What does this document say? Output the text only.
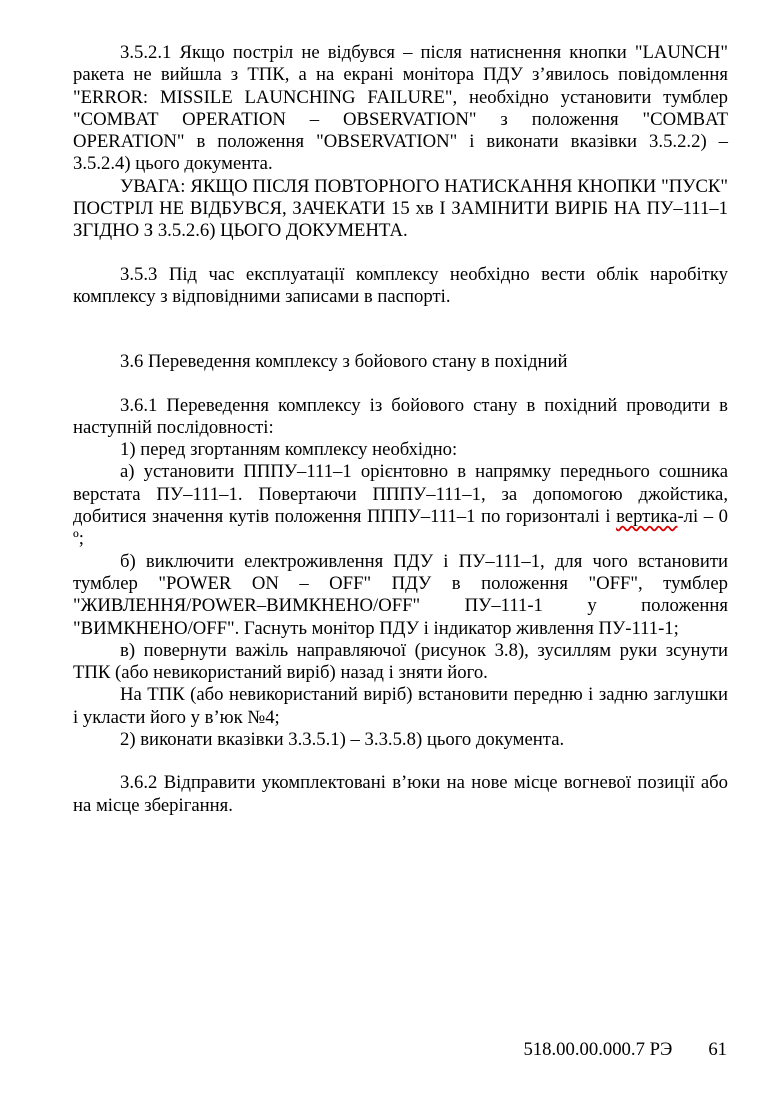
3.5.2.1 Якщо постріл не відбувся – після натиснення кнопки "LAUNCH" ракета не вийшла з ТПК, а на екрані монітора ПДУ з’явилось повідомлення "ERROR: MISSILE LAUNCHING FAILURE", необхідно установити тумблер "COMBAT OPERATION – OBSERVATION" з положення "COMBAT OPERATION" в положення "OBSERVATION" і виконати вказівки 3.5.2.2) – 3.5.2.4) цього документа.

УВАГА: ЯКЩО ПІСЛЯ ПОВТОРНОГО НАТИСКАННЯ КНОПКИ "ПУСК" ПОСТРІЛ НЕ ВІДБУВСЯ, ЗАЧЕКАТИ 15 хв І ЗАМІНИТИ ВИРІБ НА ПУ–111–1 ЗГІДНО З 3.5.2.6) ЦЬОГО ДОКУМЕНТА.

3.5.3 Під час експлуатації комплексу необхідно вести облік наробітку комплексу з відповідними записами в паспорті.

3.6 Переведення комплексу з бойового стану в похідний

3.6.1 Переведення комплексу із бойового стану в похідний проводити в наступній послідовності:

1) перед згортанням комплексу необхідно:

а) установити ПППУ–111–1 орієнтовно в напрямку переднього сошника верстата ПУ–111–1. Повертаючи ПППУ–111–1, за допомогою джойстика, добитися значення кутів положення ПППУ–111–1 по горизонталі і вертика-лі – 0 º;

б) виключити електроживлення ПДУ і ПУ–111–1, для чого встановити тумблер "POWER ON – OFF" ПДУ в положення "OFF", тумблер "ЖИВЛЕННЯ/POWER–ВИМКНЕНО/OFF" ПУ–111-1 у положення "ВИМКНЕНО/OFF". Гаснуть монітор ПДУ і індикатор живлення ПУ-111-1;

в) повернути важіль направляючої (рисунок 3.8), зусиллям руки зсунути ТПК (або невикористаний виріб) назад і зняти його.

На ТПК (або невикористаний виріб) встановити передню і задню заглушки і укласти його у в’юк №4;

2) виконати вказівки 3.3.5.1) – 3.3.5.8) цього документа.

3.6.2 Відправити укомплектовані в’юки на нове місце вогневої позиції або на місце зберігання.

518.00.00.000.7 РЭ 61
